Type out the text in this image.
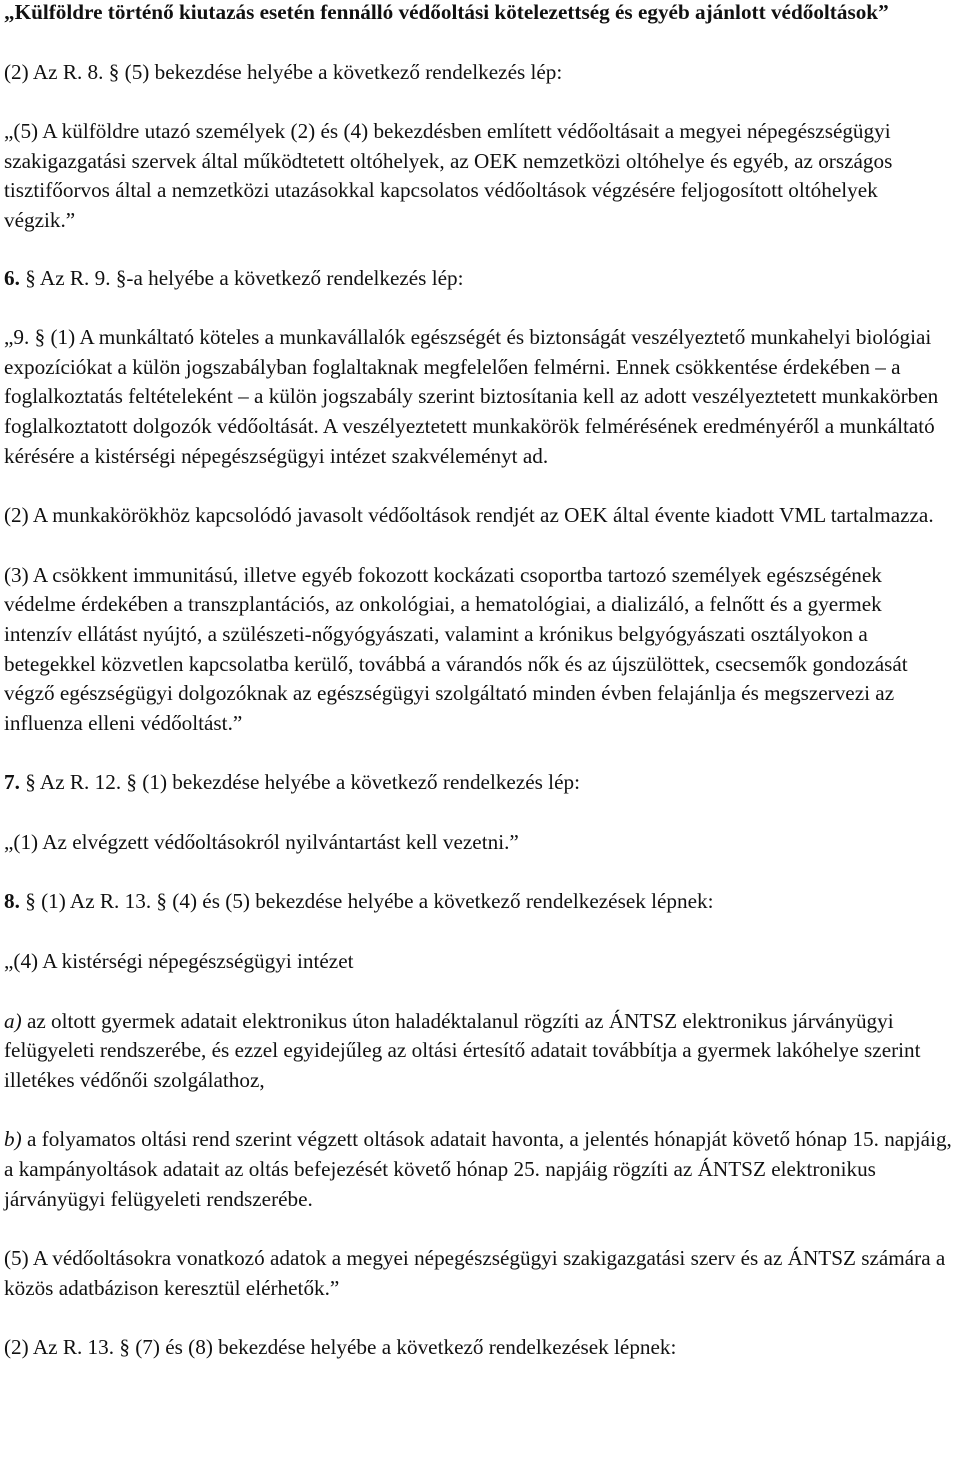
„Külföldre történő kiutazás esetén fennálló védőoltási kötelezettség és egyéb ajánlott védőoltások”

(2) Az R. 8. § (5) bekezdése helyébe a következő rendelkezés lép:

„(5) A külföldre utazó személyek (2) és (4) bekezdésben említett védőoltásait a megyei népegészségügyi szakigazgatási szervek által működtetett oltóhelyek, az OEK nemzetközi oltóhelye és egyéb, az országos tisztifőorvos által a nemzetközi utazásokkal kapcsolatos védőoltások végzésére feljogosított oltóhelyek végzik.”

6. § Az R. 9. §-a helyébe a következő rendelkezés lép:

„9. § (1) A munkáltató köteles a munkavállalók egészségét és biztonságát veszélyeztető munkahelyi biológiai expozíciókat a külön jogszabályban foglaltaknak megfelelően felmérni. Ennek csökkentése érdekében – a foglalkoztatás feltételeként – a külön jogszabály szerint biztosítania kell az adott veszélyeztetett munkakörben foglalkoztatott dolgozók védőoltását. A veszélyeztetett munkakörök felmérésének eredményéről a munkáltató kérésére a kistérségi népegészségügyi intézet szakvéleményt ad.

(2) A munkakörökhöz kapcsolódó javasolt védőoltások rendjét az OEK által évente kiadott VML tartalmazza.

(3) A csökkent immunitású, illetve egyéb fokozott kockázati csoportba tartozó személyek egészségének védelme érdekében a transzplantációs, az onkológiai, a hematológiai, a dializáló, a felnőtt és a gyermek intenzív ellátást nyújtó, a szülészeti-nőgyógyászati, valamint a krónikus belgyógyászati osztályokon a betegekkel közvetlen kapcsolatba kerülő, továbbá a várandós nők és az újszülöttek, csecsemők gondozását végző egészségügyi dolgozóknak az egészségügyi szolgáltató minden évben felajánlja és megszervezi az influenza elleni védőoltást.”

7. § Az R. 12. § (1) bekezdése helyébe a következő rendelkezés lép:

„(1) Az elvégzett védőoltásokról nyilvántartást kell vezetni.”

8. § (1) Az R. 13. § (4) és (5) bekezdése helyébe a következő rendelkezések lépnek:

„(4) A kistérségi népegészségügyi intézet

a) az oltott gyermek adatait elektronikus úton haladéktalanul rögzíti az ÁNTSZ elektronikus járványügyi felügyeleti rendszerébe, és ezzel egyidejűleg az oltási értesítő adatait továbbítja a gyermek lakóhelye szerint illetékes védőnői szolgálathoz,

b) a folyamatos oltási rend szerint végzett oltások adatait havonta, a jelentés hónapját követő hónap 15. napjáig, a kampányoltások adatait az oltás befejezését követő hónap 25. napjáig rögzíti az ÁNTSZ elektronikus járványügyi felügyeleti rendszerébe.

(5) A védőoltásokra vonatkozó adatok a megyei népegészségügyi szakigazgatási szerv és az ÁNTSZ számára a közös adatbázison keresztül elérhetők.”

(2) Az R. 13. § (7) és (8) bekezdése helyébe a következő rendelkezések lépnek:
